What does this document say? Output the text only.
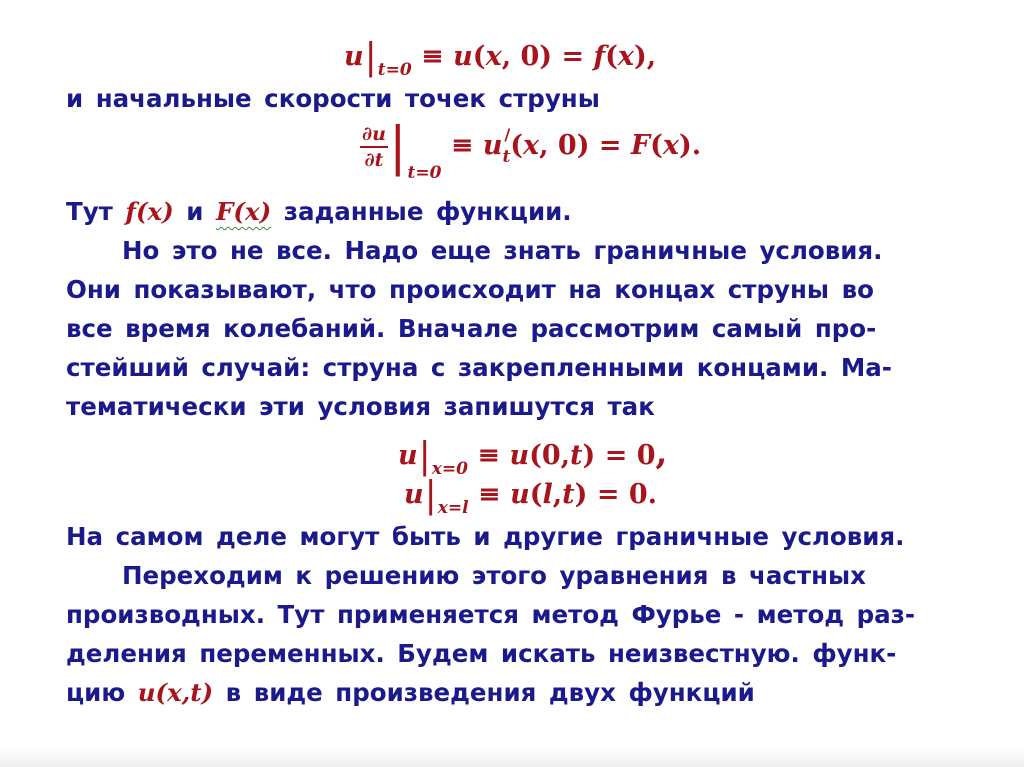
$u|_{t=0} \equiv u(x$, 0) = f(x),
и начальные скорости точек струны
$\frac{\partial u}{\partial t} |_{t=0} \equiv u_t^/(x$, 0) = F(x).
Тут f(x) и F(x) заданные функции.
Но это не все. Надо еще знать граничные условия.
Они показывают, что происходит на концах струны во
все время колебаний. Вначале рассмотрим самый про-
стейший случай: струна с закрепленными концами. Ма-
тематически эти условия запишутся так
$u|_{x=0} \equiv u(0,t) = 0$,
$u|_{x=l} \equiv u(l,t) = 0$.
На самом деле могут быть и другие граничные условия.
Переходим к решению этого уравнения в частных
производных. Тут применяется метод Фурье - метод раз-
деления переменных. Будем искать неизвестную. функ-
цию u(x,t) в виде произведения двух функций
